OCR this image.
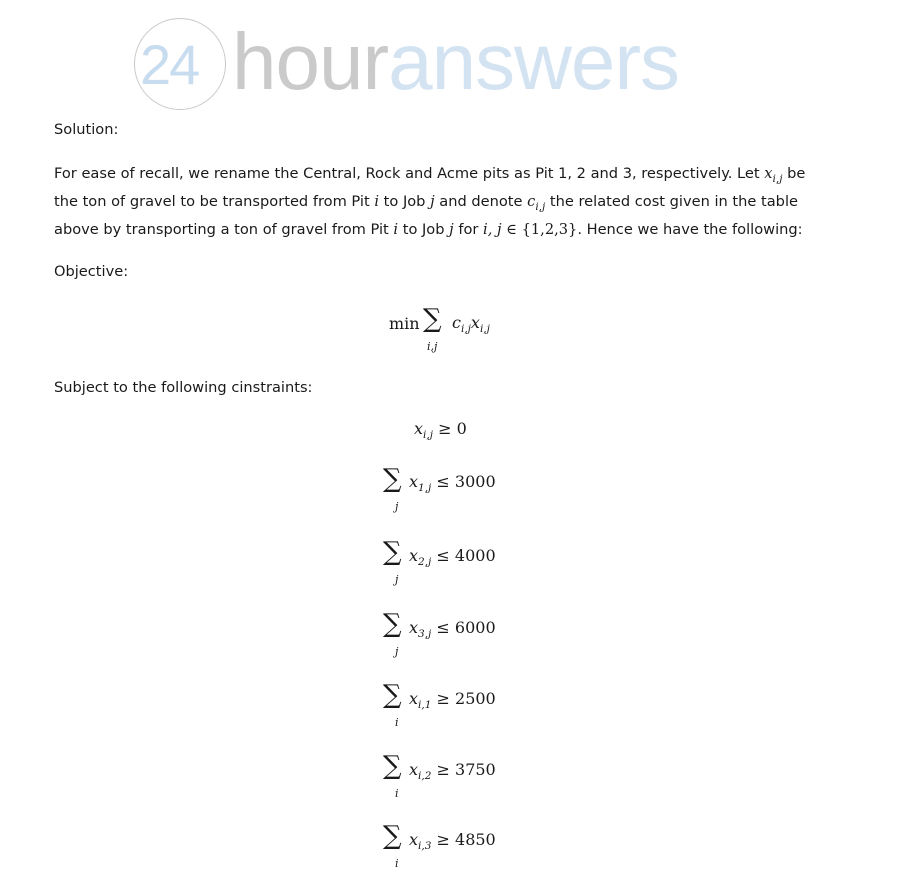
24 houranswers
Solution:
For ease of recall, we rename the Central, Rock and Acme pits as Pit 1, 2 and 3, respectively. Let $x_{i,j}$ be
the ton of gravel to be transported from Pit i to Job j and denote $c_{i,j}$ the related cost given in the table
above by transporting a ton of gravel from Pit i to Job j for i, j ∈ {1,2,3}. Hence we have the following:
Objective:
min ∑
i,j
$c_{i,j}x_{i,j}$
Subject to the following cinstraints:
$x_{i,j} \ge 0$
∑
j
$x_{1,j} \le 3000$
∑
j
$x_{2,j} \le 4000$
∑
j
$x_{3,j} \le 6000$
∑
i
$x_{i,1} \ge 2500$
∑
i
$x_{i,2} \ge 3750$
∑
i
$x_{i,3} \ge 4850$
